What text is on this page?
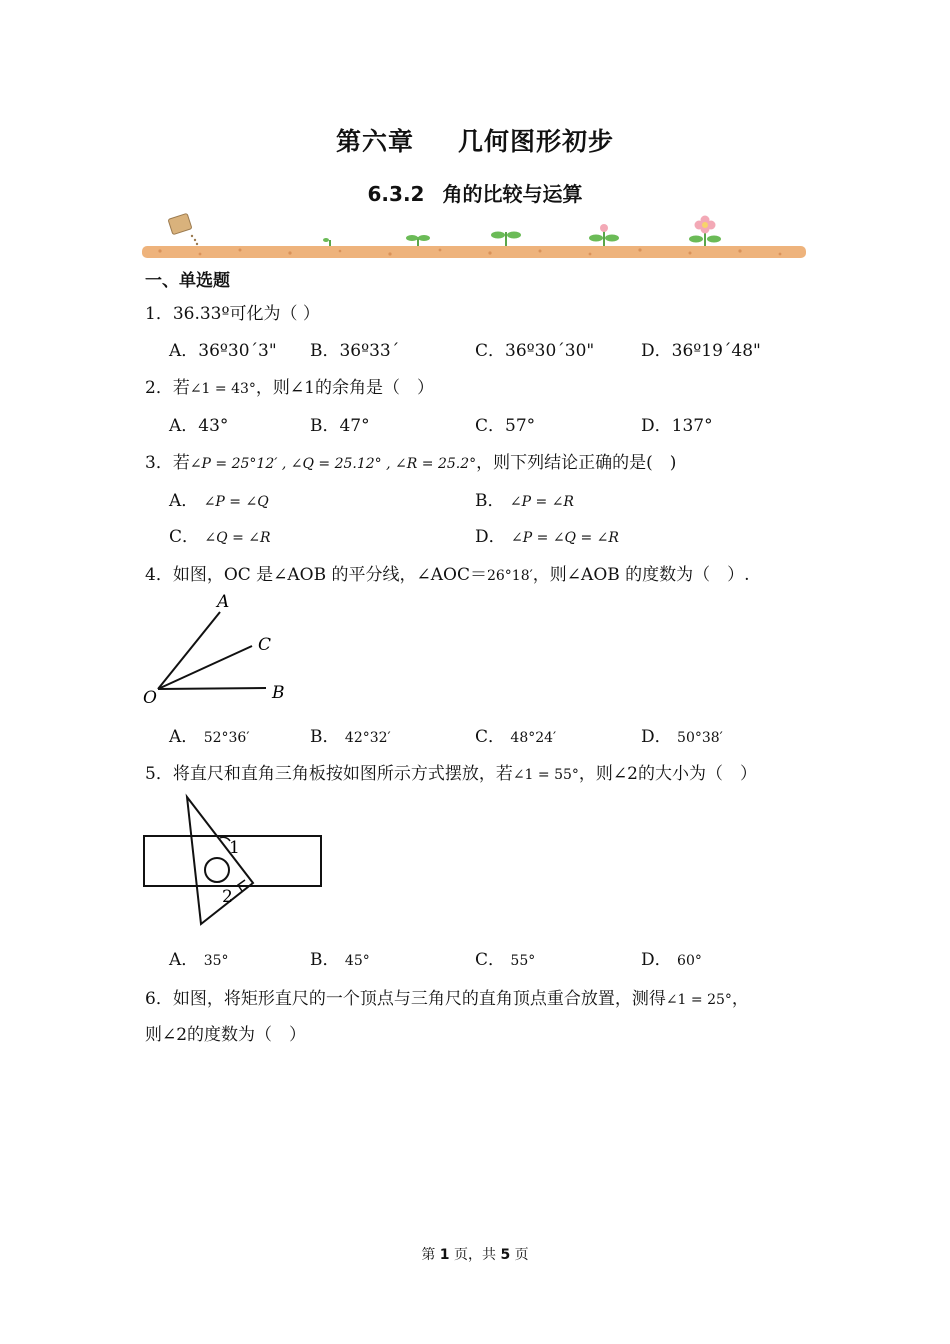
第六章 几何图形初步
6.3.2 角的比较与运算
一、单选题
1．36.33º可化为（ ）
A．36º30´3" B．36º33´	C．36º30´30"	D．36º19´48"
2．若∠1 = 43°，则∠1的余角是（　）
A．43°	B．47°	C．57°	D．137°
3．若∠P = 25°12′ , ∠Q = 25.12° , ∠R = 25.2°，则下列结论正确的是(　)
A． ∠P = ∠Q	B． ∠P = ∠R
C． ∠Q = ∠R	D． ∠P = ∠Q = ∠R
4．如图，OC 是∠AOB 的平分线，∠AOC＝26°18′，则∠AOB 的度数为（　）.
A
C
O	B
A． 52°36′	B． 42°32′	C． 48°24′	D． 50°38′
5．将直尺和直角三角板按如图所示方式摆放，若∠1 = 55°，则∠2的大小为（　）
1
2
A． 35°	B． 45°	C． 55°	D． 60°
6．如图，将矩形直尺的一个顶点与三角尺的直角顶点重合放置，测得∠1 = 25°，
则∠2的度数为（　）
第 1 页，共 5 页
